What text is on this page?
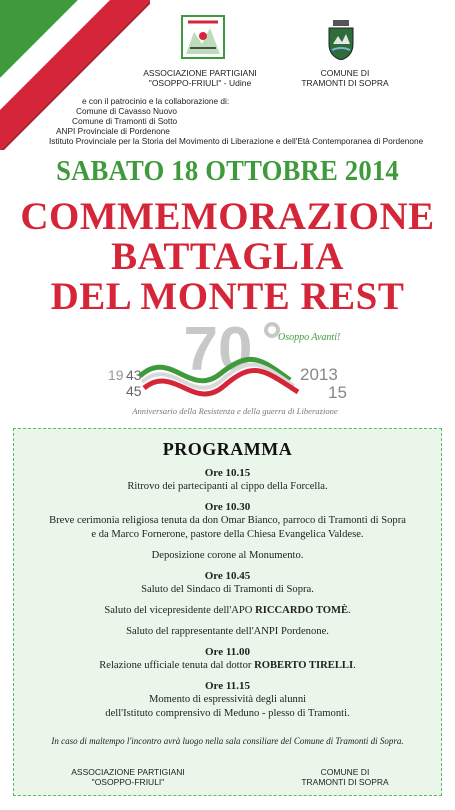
ASSOCIAZIONE PARTIGIANI
"OSOPPO-FRIULI" - Udine
COMUNE DI
TRAMONTI DI SOPRA
e con il patrocinio e la collaborazione di:
Comune di Cavasso Nuovo
Comune di Tramonti di Sotto
ANPI Provinciale di Pordenone
Istituto Provinciale per la Storia del Movimento di Liberazione e dell'Età Contemporanea di Pordenone
SABATO 18 OTTOBRE 2014
COMMEMORAZIONE
BATTAGLIA
DEL MONTE REST
70	Osoppo Avanti!
19 43
45
2013
15
Anniversario della Resistenza e della guerra di Liberazione
PROGRAMMA
Ore 10.15
Ritrovo dei partecipanti al cippo della Forcella.
Ore 10.30
Breve cerimonia religiosa tenuta da don Omar Bianco, parroco di Tramonti di Sopra
e da Marco Fornerone, pastore della Chiesa Evangelica Valdese.
Deposizione corone al Monumento.
Ore 10.45
Saluto del Sindaco di Tramonti di Sopra.
Saluto del vicepresidente dell'APO RICCARDO TOMÈ.
Saluto del rappresentante dell'ANPI Pordenone.
Ore 11.00
Relazione ufficiale tenuta dal dottor ROBERTO TIRELLI.
Ore 11.15
Momento di espressività degli alunni
dell'Istituto comprensivo di Meduno - plesso di Tramonti.
In caso di maltempo l'incontro avrà luogo nella sala consiliare del Comune di Tramonti di Sopra.
ASSOCIAZIONE PARTIGIANI
"OSOPPO-FRIULI"
COMUNE DI
TRAMONTI DI SOPRA
